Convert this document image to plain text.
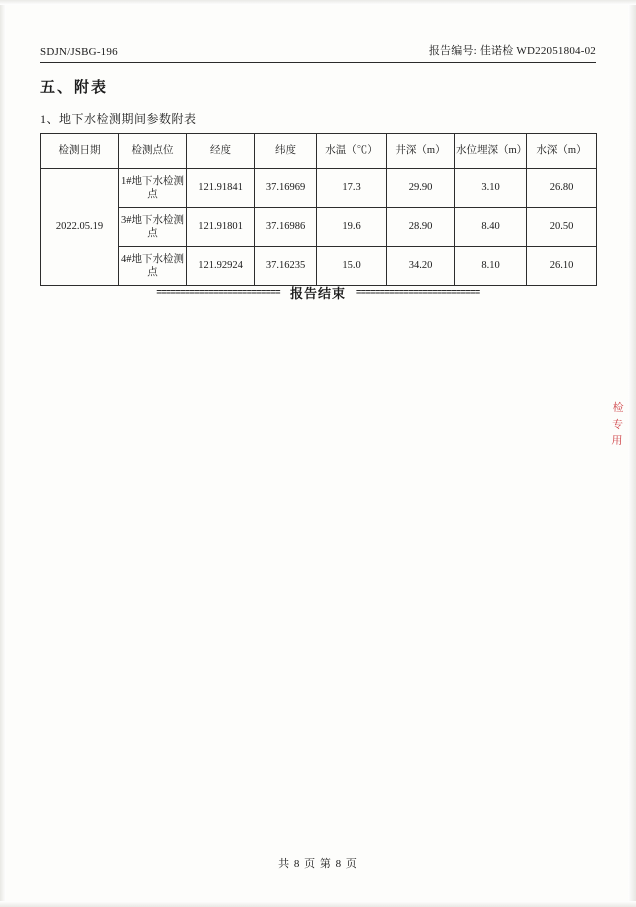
SDJN/JSBG-196	报告编号: 佳诺检 WD22051804-02
五、附表
1、地下水检测期间参数附表
检测日期	检测点位	经度	纬度	水温（℃）	井深（m）	水位埋深（m）	水深（m）
2022.05.19	1#地下水检测点	121.91841	37.16969	17.3	29.90	3.10	26.80
	3#地下水检测点	121.91801	37.16986	19.6	28.90	8.40	20.50
	4#地下水检测点	121.92924	37.16235	15.0	34.20	8.10	26.10
========================== 报告结束	==========================
检
专
用
共 8 页 第 8 页
